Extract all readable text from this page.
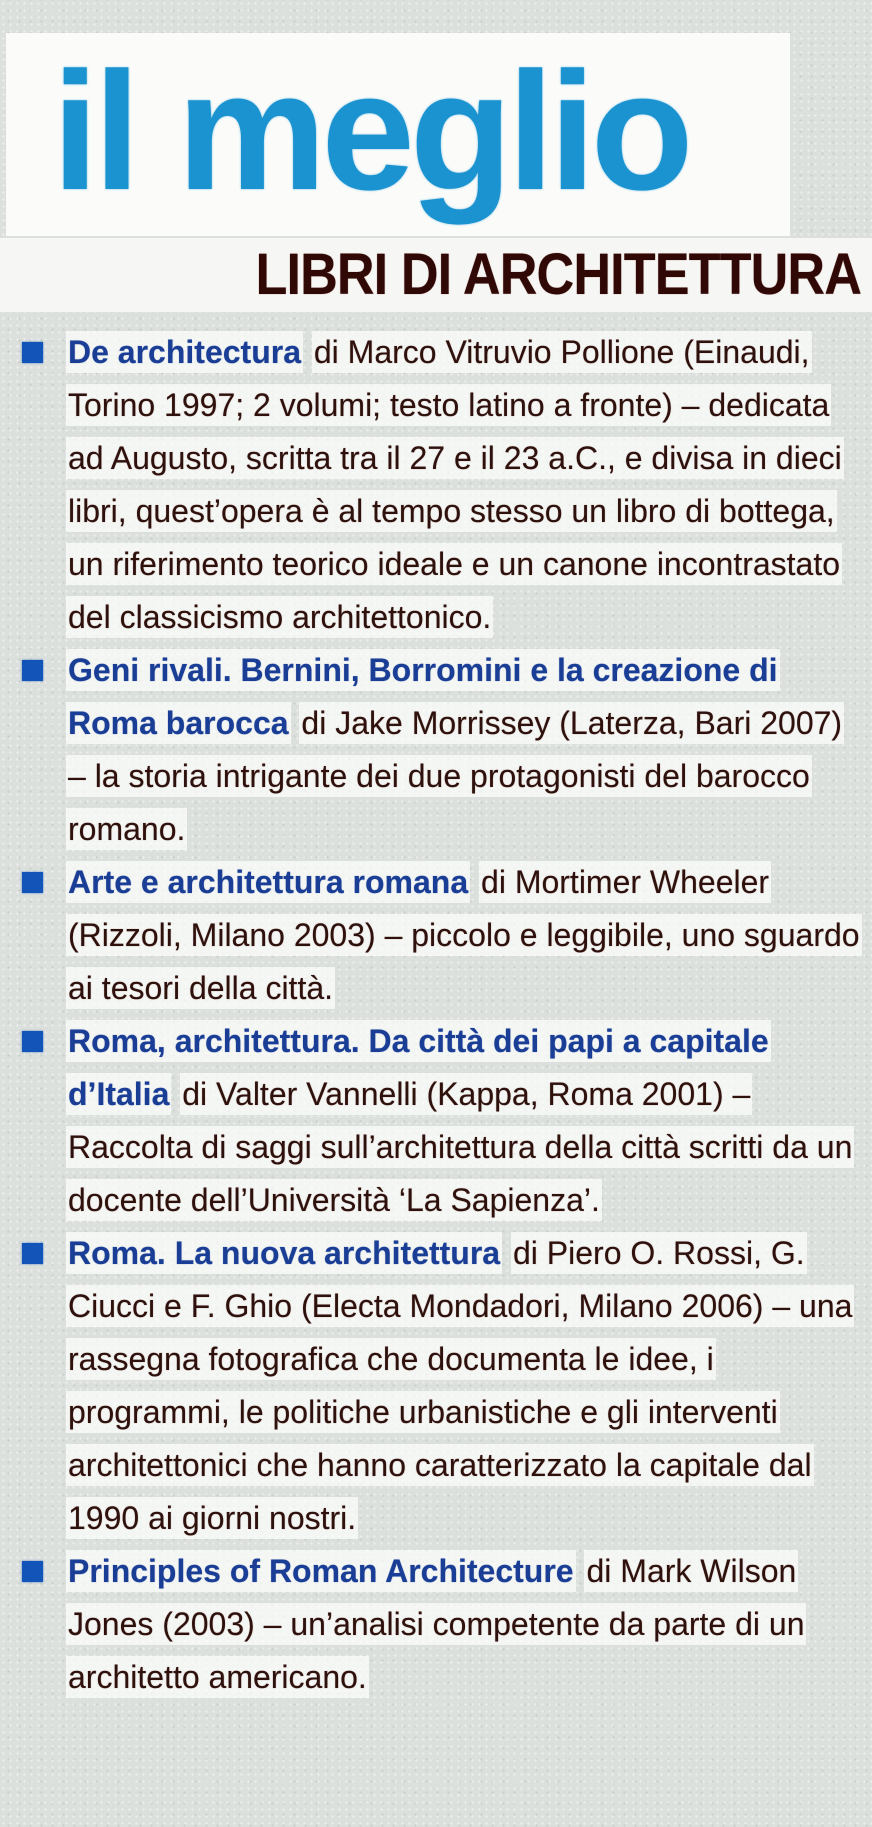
il meglio
LIBRI DI ARCHITETTURA

De architectura di Marco Vitruvio Pollione (Einaudi, Torino 1997; 2 volumi; testo latino a fronte) – dedicata ad Augusto, scritta tra il 27 e il 23 a.C., e divisa in dieci libri, quest’opera è al tempo stesso un libro di bottega, un riferimento teorico ideale e un canone incontrastato del classicismo architettonico.

Geni rivali. Bernini, Borromini e la creazione di Roma barocca di Jake Morrissey (Laterza, Bari 2007) – la storia intrigante dei due protagonisti del barocco romano.

Arte e architettura romana di Mortimer Wheeler (Rizzoli, Milano 2003) – piccolo e leggibile, uno sguardo ai tesori della città.

Roma, architettura. Da città dei papi a capitale d’Italia di Valter Vannelli (Kappa, Roma 2001) – Raccolta di saggi sull’architettura della città scritti da un docente dell’Università ‘La Sapienza’.

Roma. La nuova architettura di Piero O. Rossi, G. Ciucci e F. Ghio (Electa Mondadori, Milano 2006) – una rassegna fotografica che documenta le idee, i programmi, le politiche urbanistiche e gli interventi architettonici che hanno caratterizzato la capitale dal 1990 ai giorni nostri.

Principles of Roman Architecture di Mark Wilson Jones (2003) – un’analisi competente da parte di un architetto americano.
